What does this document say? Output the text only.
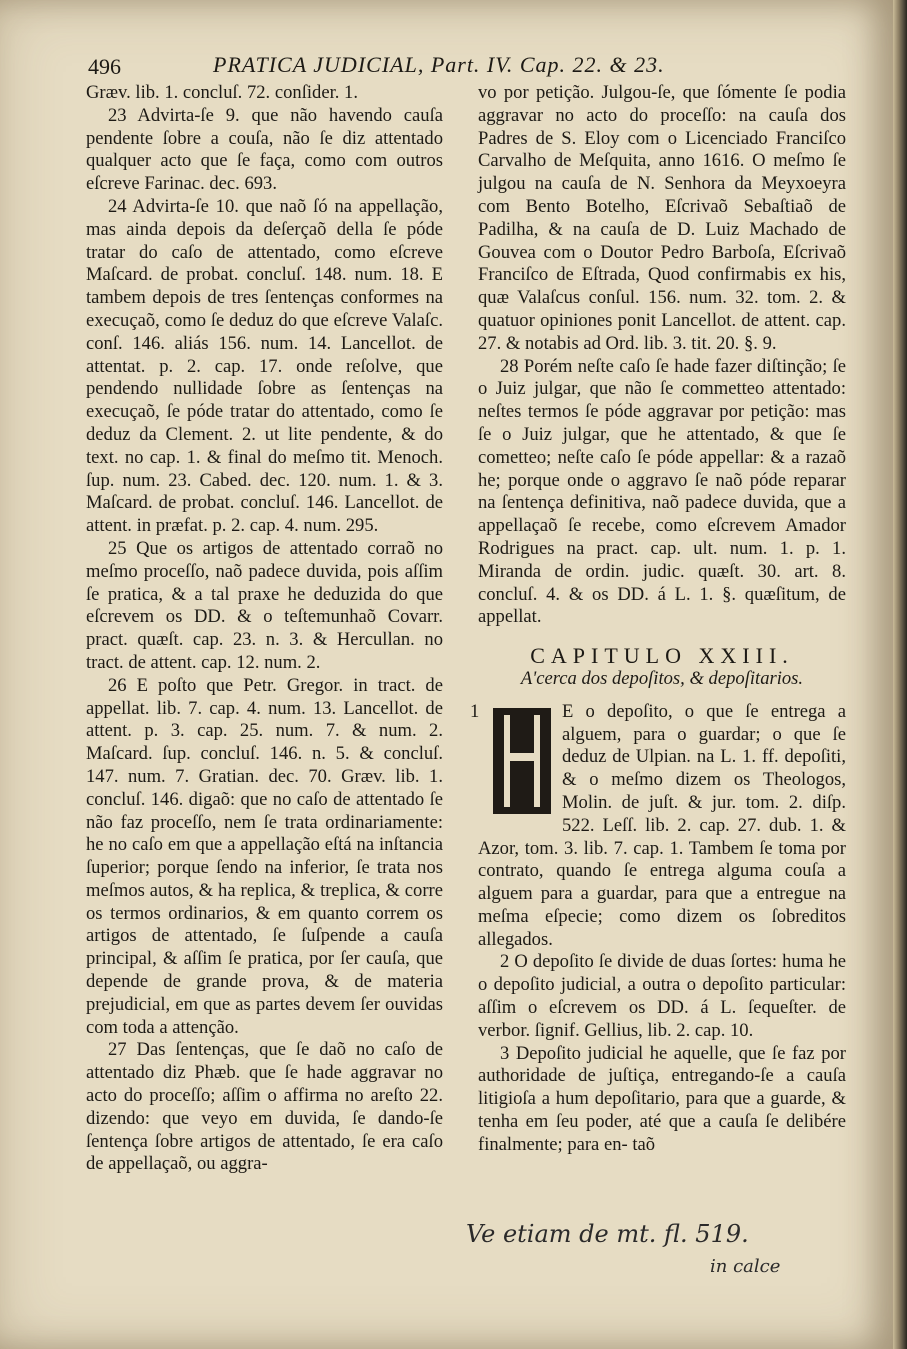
496	PRATICA JUDICIAL, Part. IV. Cap. 22. & 23.

Græv. lib. 1. concluſ. 72. conſider. 1.

23 Advirta-ſe 9. que não havendo cauſa pendente ſobre a couſa, não ſe diz attentado qualquer acto que ſe faça, como com outros eſcreve Farinac. dec. 693.

24 Advirta-ſe 10. que naõ ſó na appellação, mas ainda depois da deſerçaõ della ſe póde tratar do caſo de attentado, como eſcreve Maſcard. de probat. concluſ. 148. num. 18. E tambem depois de tres ſentenças conformes na execuçaõ, como ſe deduz do que eſcreve Valaſc. conſ. 146. aliás 156. num. 14. Lancellot. de attentat. p. 2. cap. 17. onde reſolve, que pendendo nullidade ſobre as ſentenças na execuçaõ, ſe póde tratar do attentado, como ſe deduz da Clement. 2. ut lite pendente, & do text. no cap. 1. & final do meſmo tit. Menoch. ſup. num. 23. Cabed. dec. 120. num. 1. & 3. Maſcard. de probat. concluſ. 146. Lancellot. de attent. in præfat. p. 2. cap. 4. num. 295.

25 Que os artigos de attentado corraõ no meſmo proceſſo, naõ padece duvida, pois aſſim ſe pratica, & a tal praxe he deduzida do que eſcrevem os DD. & o teſtemunhaõ Covarr. pract. quæſt. cap. 23. n. 3. & Hercullan. no tract. de attent. cap. 12. num. 2.

26 E poſto que Petr. Gregor. in tract. de appellat. lib. 7. cap. 4. num. 13. Lancellot. de attent. p. 3. cap. 25. num. 7. & num. 2. Maſcard. ſup. concluſ. 146. n. 5. & concluſ. 147. num. 7. Gratian. dec. 70. Græv. lib. 1. concluſ. 146. digaõ: que no caſo de attentado ſe não faz proceſſo, nem ſe trata ordinariamente: he no caſo em que a appellação eſtá na inſtancia ſuperior; porque ſendo na inferior, ſe trata nos meſmos autos, & ha replica, & treplica, & corre os termos ordinarios, & em quanto correm os artigos de attentado, ſe ſuſpende a cauſa principal, & aſſim ſe pratica, por ſer cauſa, que depende de grande prova, & de materia prejudicial, em que as partes devem ſer ouvidas com toda a attenção.

27 Das ſentenças, que ſe daõ no caſo de attentado diz Phæb. que ſe hade aggravar no acto do proceſſo; aſſim o affirma no areſto 22. dizendo: que veyo em duvida, ſe dando-ſe ſentença ſobre artigos de attentado, ſe era caſo de appellaçaõ, ou aggra-

vo por petição. Julgou-ſe, que ſómente ſe podia aggravar no acto do proceſſo: na cauſa dos Padres de S. Eloy com o Licenciado Franciſco Carvalho de Meſquita, anno 1616. O meſmo ſe julgou na cauſa de N. Senhora da Meyxoeyra com Bento Botelho, Eſcrivaõ Sebaſtiaõ de Padilha, & na cauſa de D. Luiz Machado de Gouvea com o Doutor Pedro Barboſa, Eſcrivaõ Franciſco de Eſtrada, Quod confirmabis ex his, quæ Valaſcus conſul. 156. num. 32. tom. 2. & quatuor opiniones ponit Lancellot. de attent. cap. 27. & notabis ad Ord. lib. 3. tit. 20. §. 9.

28 Porém neſte caſo ſe hade fazer diſtinção; ſe o Juiz julgar, que não ſe commetteo attentado: neſtes termos ſe póde aggravar por petição: mas ſe o Juiz julgar, que he attentado, & que ſe cometteo; neſte caſo ſe póde appellar: & a razaõ he; porque onde o aggravo ſe naõ póde reparar na ſentença definitiva, naõ padece duvida, que a appellaçaõ ſe recebe, como eſcrevem Amador Rodrigues na pract. cap. ult. num. 1. p. 1. Miranda de ordin. judic. quæſt. 30. art. 8. concluſ. 4. & os DD. á L. 1. §. quæſitum, de appellat.

CAPITULO XXIII.
A'cerca dos depoſitos, & depoſitarios.

1	E o depoſito, o que ſe entrega a alguem, para o guardar; o que ſe deduz de Ulpian. na L. 1. ff. depoſiti, & o meſmo dizem os Theologos, Molin. de juſt. & jur. tom. 2. diſp. 522. Leſſ. lib. 2. cap. 27. dub. 1. & Azor, tom. 3. lib. 7. cap. 1. Tambem ſe toma por contrato, quando ſe entrega alguma couſa a alguem para a guardar, para que a entregue na meſma eſpecie; como dizem os ſobreditos allegados.

2 O depoſito ſe divide de duas ſortes: huma he o depoſito judicial, a outra o depoſito particular: aſſim o eſcrevem os DD. á L. ſequeſter. de verbor. ſignif. Gellius, lib. 2. cap. 10.

3 Depoſito judicial he aquelle, que ſe faz por authoridade de juſtiça, entregando-ſe a cauſa litigioſa a hum depoſitario, para que a guarde, & tenha em ſeu poder, até que a cauſa ſe delibére finalmente; para en- taõ

Ve etiam de mt. fl. 519.
in calce
